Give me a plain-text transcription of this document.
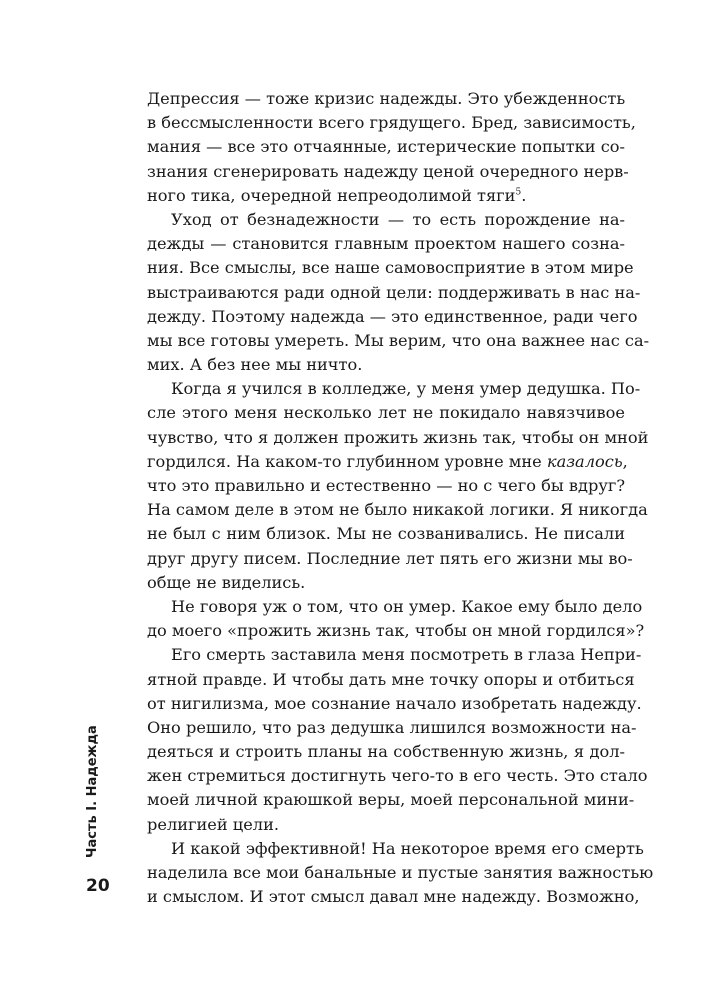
Депрессия — тоже кризис надежды. Это убежденность
в бессмысленности всего грядущего. Бред, зависимость,
мания — все это отчаянные, истерические попытки со-
знания сгенерировать надежду ценой очередного нерв-
ного тика, очередной непреодолимой тяги$^5$.
Уход от безнадежности — то есть порождение на-
дежды — становится главным проектом нашего созна-
ния. Все смыслы, все наше самовосприятие в этом мире
выстраиваются ради одной цели: поддерживать в нас на-
дежду. Поэтому надежда — это единственное, ради чего
мы все готовы умереть. Мы верим, что она важнее нас са-
мих. А без нее мы ничто.
Когда я учился в колледже, у меня умер дедушка. По-
сле этого меня несколько лет не покидало навязчивое
чувство, что я должен прожить жизнь так, чтобы он мной
гордился. На каком-то глубинном уровне мне казалось,
что это правильно и естественно — но с чего бы вдруг?
На самом деле в этом не было никакой логики. Я никогда
не был с ним близок. Мы не созванивались. Не писали
друг другу писем. Последние лет пять его жизни мы во-
обще не виделись.
Не говоря уж о том, что он умер. Какое ему было дело
до моего «прожить жизнь так, чтобы он мной гордился»?
Его смерть заставила меня посмотреть в глаза Непри-
ятной правде. И чтобы дать мне точку опоры и отбиться
от нигилизма, мое сознание начало изобретать надежду.
Оно решило, что раз дедушка лишился возможности на-
деяться и строить планы на собственную жизнь, я дол-
жен стремиться достигнуть чего-то в его честь. Это стало
моей личной краюшкой веры, моей персональной мини-
религией цели.
И какой эффективной! На некоторое время его смерть
наделила все мои банальные и пустые занятия важностью
и смыслом. И этот смысл давал мне надежду. Возможно,
Часть I. Надежда
20
